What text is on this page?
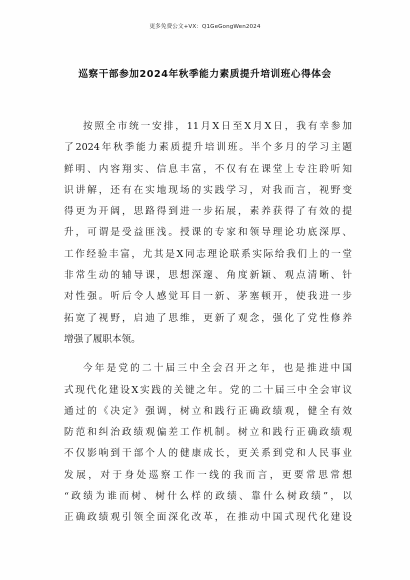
更多免费公文+VX：Q1GeGongWen2024
巡察干部参加2024年秋季能力素质提升培训班心得体会
按照全市统一安排，11月X日至X月X日，我有幸参加
了2024年秋季能力素质提升培训班。半个多月的学习主题
鲜明、内容翔实、信息丰富，不仅有在课堂上专注聆听知
识讲解，还有在实地现场的实践学习，对我而言，视野变
得更为开阔，思路得到进一步拓展，素养获得了有效的提
升，可谓是受益匪浅。授课的专家和领导理论功底深厚、
工作经验丰富，尤其是X同志理论联系实际给我们上的一堂
非常生动的辅导课，思想深邃、角度新颖、观点清晰、针
对性强。听后令人感觉耳目一新、茅塞顿开，使我进一步
拓宽了视野，启迪了思维，更新了观念，强化了党性修养
增强了履职本领。
今年是党的二十届三中全会召开之年，也是推进中国
式现代化建设X实践的关键之年。党的二十届三中全会审议
通过的《决定》强调，树立和践行正确政绩观，健全有效
防范和纠治政绩观偏差工作机制。树立和践行正确政绩观
不仅影响到干部个人的健康成长，更关系到党和人民事业
发展，对于身处巡察工作一线的我而言，更要常思常想
“政绩为谁而树、树什么样的政绩、靠什么树政绩”，以
正确政绩观引领全面深化改革，在推动中国式现代化建设
